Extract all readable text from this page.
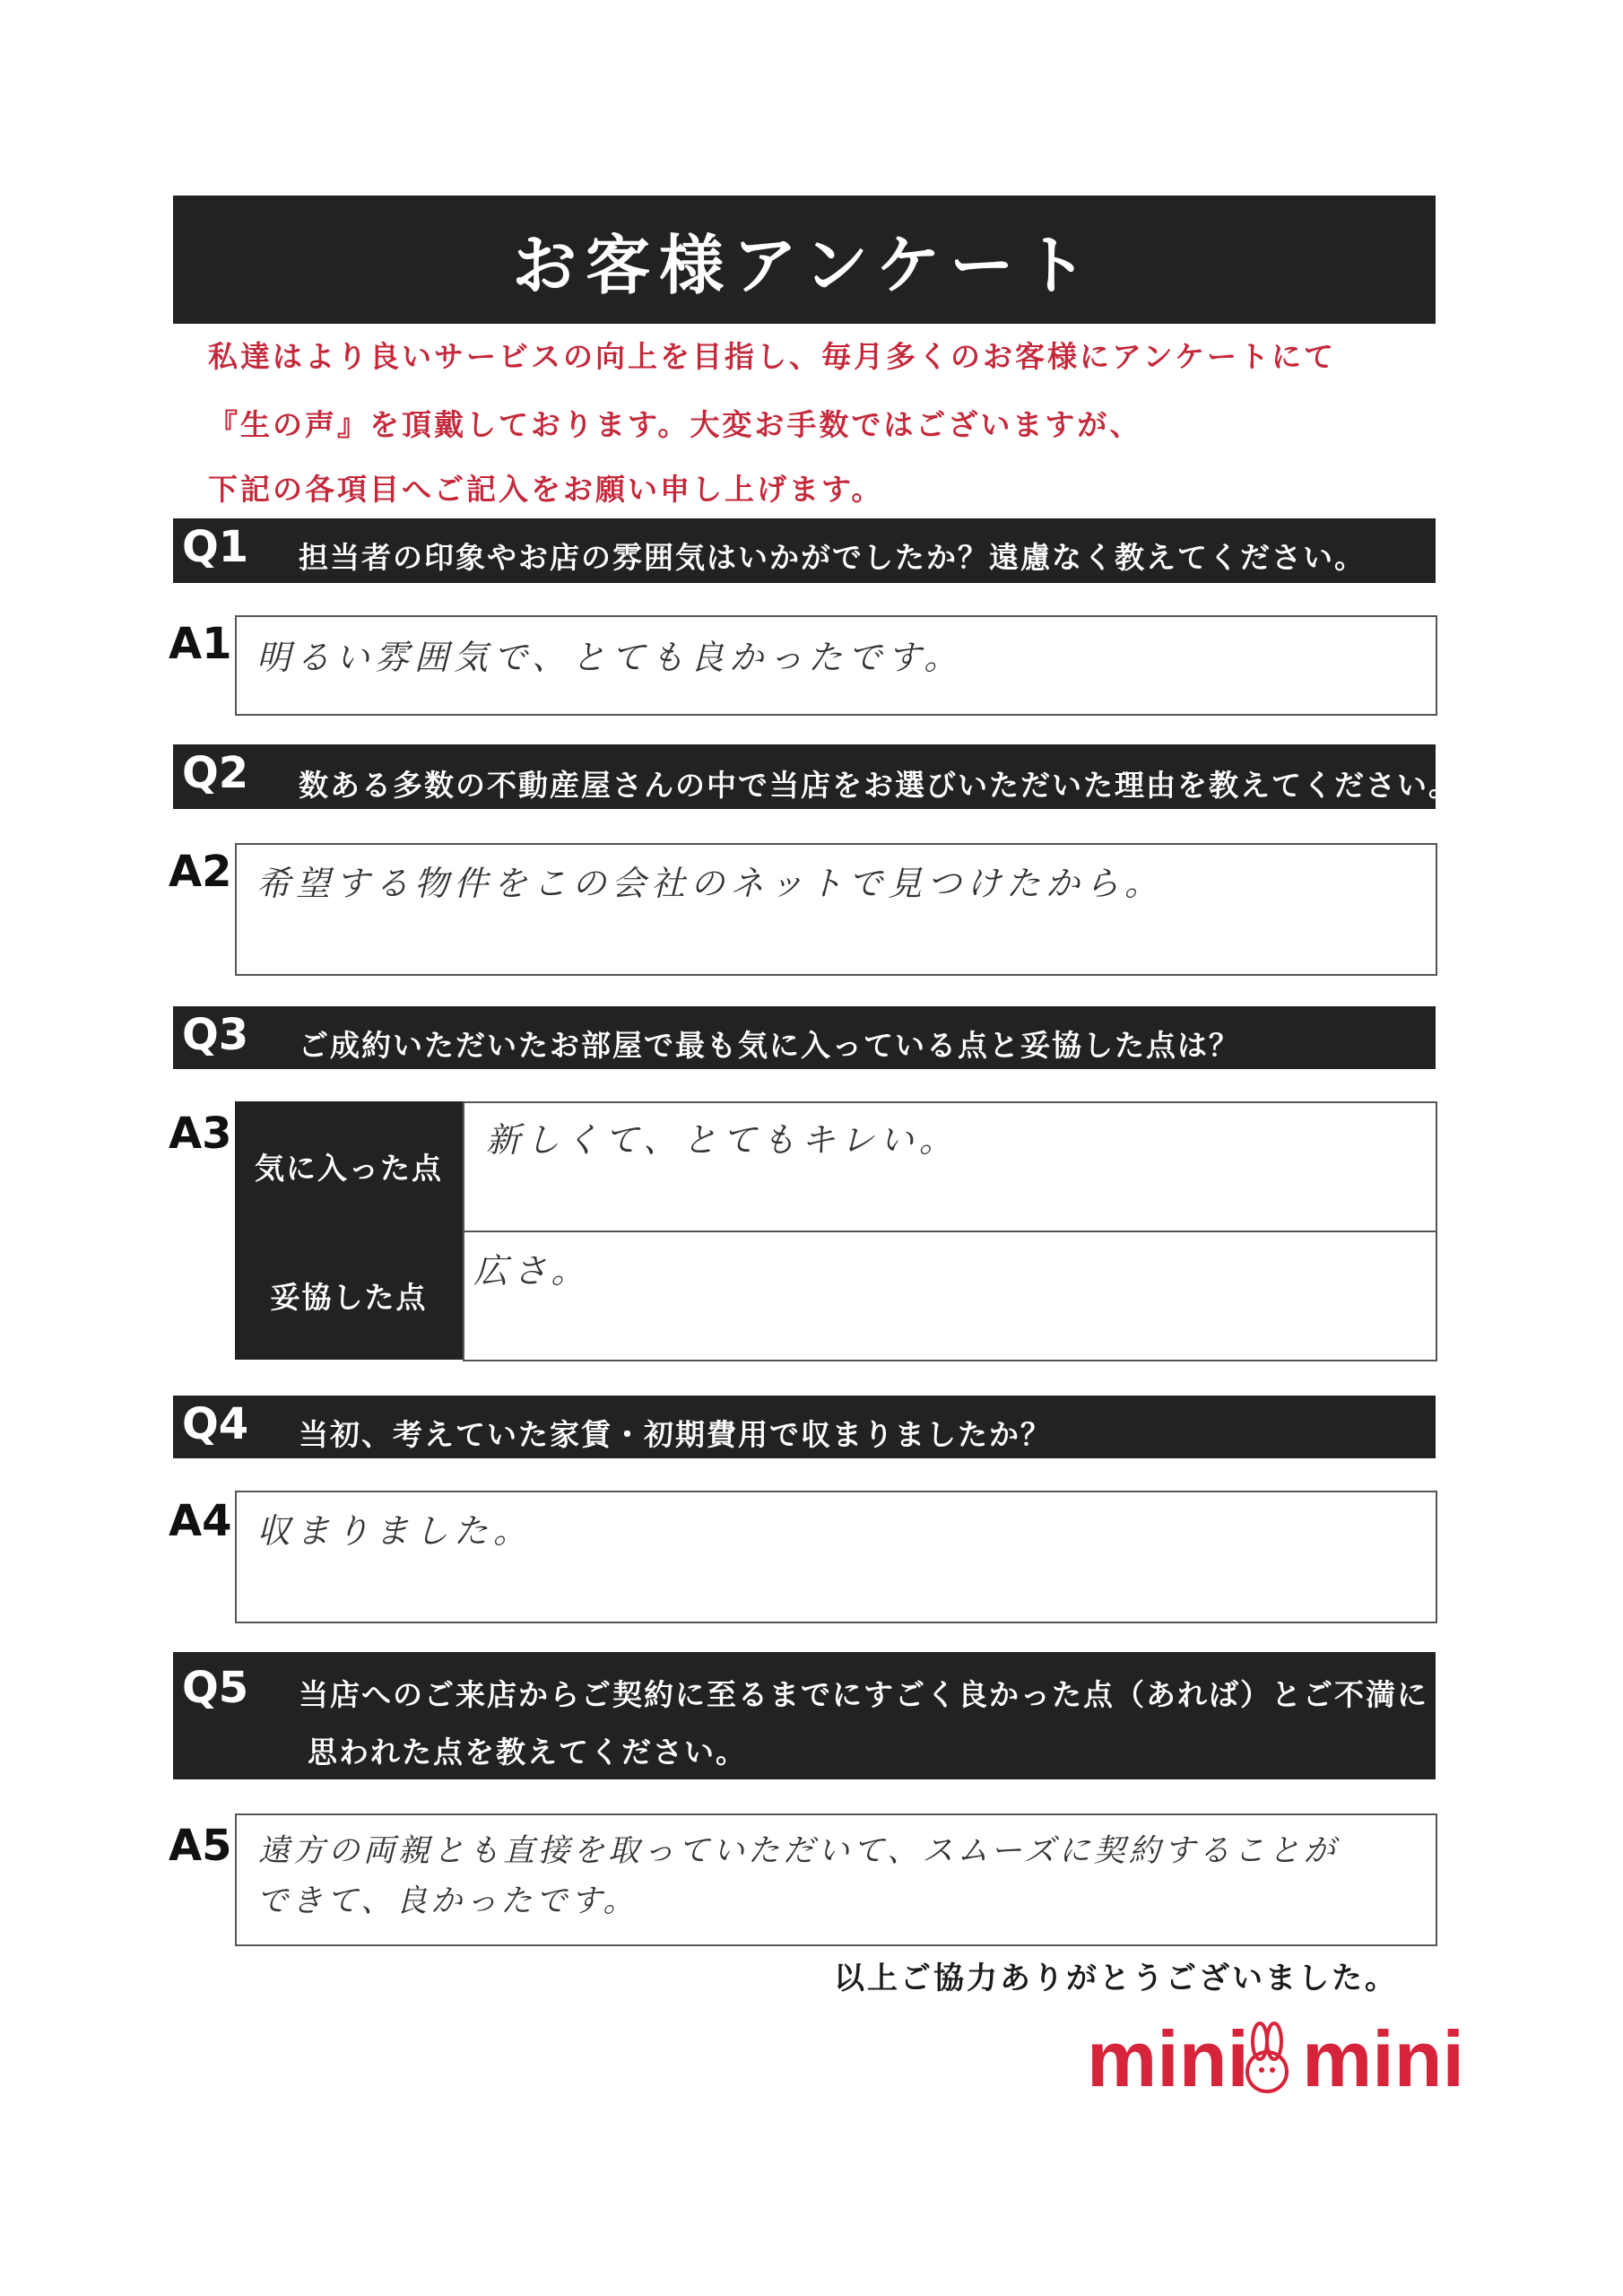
お客様アンケート
私達はより良いサービスの向上を目指し、毎月多くのお客様にアンケートにて
『生の声』を頂戴しております。大変お手数ではございますが、
下記の各項目へご記入をお願い申し上げます。
Q1 担当者の印象やお店の雰囲気はいかがでしたか？遠慮なく教えてください。
A1 明るい雰囲気で、とても良かったです。
Q2 数ある多数の不動産屋さんの中で当店をお選びいただいた理由を教えてください。
A2 希望する物件をこの会社のネットで見つけたから。
Q3 ご成約いただいたお部屋で最も気に入っている点と妥協した点は？
A3
気に入った点
新しくて、とてもキレい。
妥協した点
広さ。
Q4 当初、考えていた家賃・初期費用で収まりましたか？
A4 収まりました。
Q5 当店へのご来店からご契約に至るまでにすごく良かった点（あれば）とご不満に
思われた点を教えてください。
A5 遠方の両親とも直接を取っていただいて、スムーズに契約することが
できて、良かったです。
以上ご協力ありがとうございました。
mini mini
